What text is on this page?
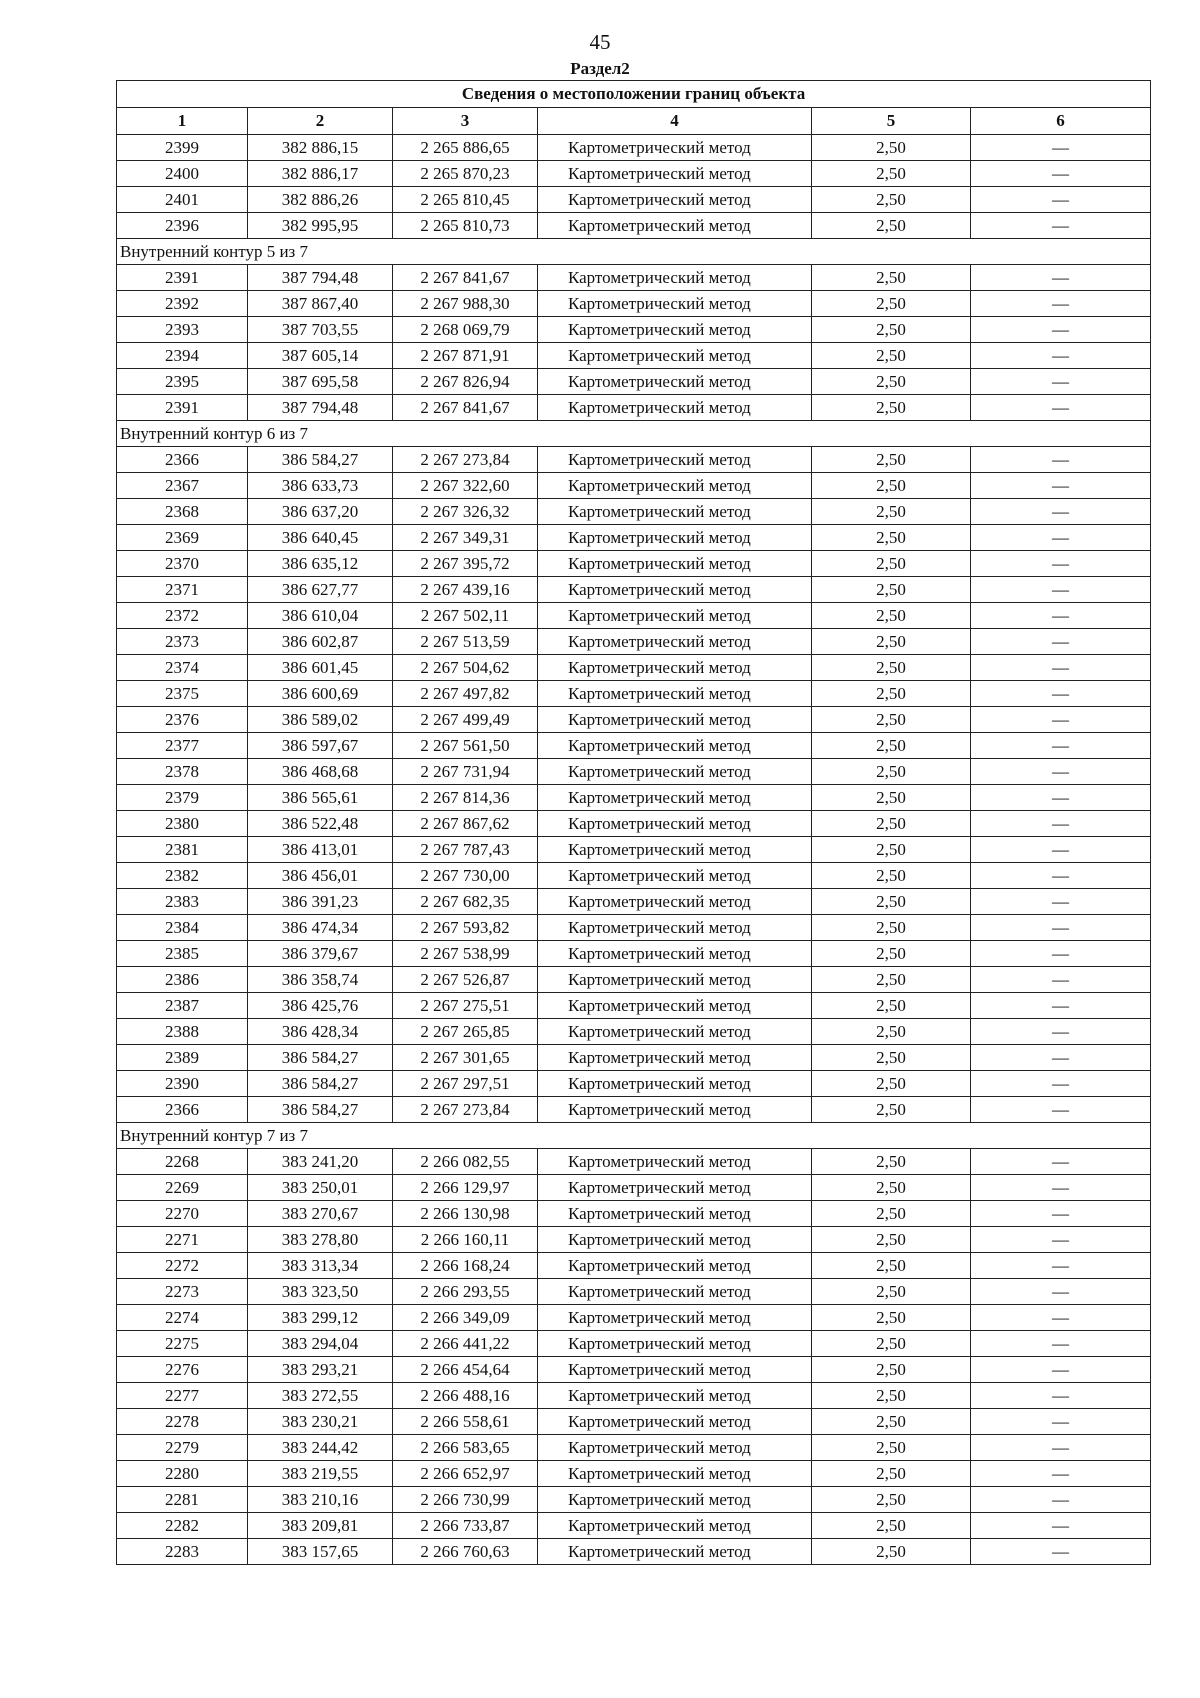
45
Раздел2
Сведения о местоположении границ объекта					
1	2	3	4	5	6
2399	382 886,15	2 265 886,65	Картометрический метод	2,50	—
2400	382 886,17	2 265 870,23	Картометрический метод	2,50	—
2401	382 886,26	2 265 810,45	Картометрический метод	2,50	—
2396	382 995,95	2 265 810,73	Картометрический метод	2,50	—
Внутренний контур 5 из 7					
2391	387 794,48	2 267 841,67	Картометрический метод	2,50	—
2392	387 867,40	2 267 988,30	Картометрический метод	2,50	—
2393	387 703,55	2 268 069,79	Картометрический метод	2,50	—
2394	387 605,14	2 267 871,91	Картометрический метод	2,50	—
2395	387 695,58	2 267 826,94	Картометрический метод	2,50	—
2391	387 794,48	2 267 841,67	Картометрический метод	2,50	—
Внутренний контур 6 из 7					
2366	386 584,27	2 267 273,84	Картометрический метод	2,50	—
2367	386 633,73	2 267 322,60	Картометрический метод	2,50	—
2368	386 637,20	2 267 326,32	Картометрический метод	2,50	—
2369	386 640,45	2 267 349,31	Картометрический метод	2,50	—
2370	386 635,12	2 267 395,72	Картометрический метод	2,50	—
2371	386 627,77	2 267 439,16	Картометрический метод	2,50	—
2372	386 610,04	2 267 502,11	Картометрический метод	2,50	—
2373	386 602,87	2 267 513,59	Картометрический метод	2,50	—
2374	386 601,45	2 267 504,62	Картометрический метод	2,50	—
2375	386 600,69	2 267 497,82	Картометрический метод	2,50	—
2376	386 589,02	2 267 499,49	Картометрический метод	2,50	—
2377	386 597,67	2 267 561,50	Картометрический метод	2,50	—
2378	386 468,68	2 267 731,94	Картометрический метод	2,50	—
2379	386 565,61	2 267 814,36	Картометрический метод	2,50	—
2380	386 522,48	2 267 867,62	Картометрический метод	2,50	—
2381	386 413,01	2 267 787,43	Картометрический метод	2,50	—
2382	386 456,01	2 267 730,00	Картометрический метод	2,50	—
2383	386 391,23	2 267 682,35	Картометрический метод	2,50	—
2384	386 474,34	2 267 593,82	Картометрический метод	2,50	—
2385	386 379,67	2 267 538,99	Картометрический метод	2,50	—
2386	386 358,74	2 267 526,87	Картометрический метод	2,50	—
2387	386 425,76	2 267 275,51	Картометрический метод	2,50	—
2388	386 428,34	2 267 265,85	Картометрический метод	2,50	—
2389	386 584,27	2 267 301,65	Картометрический метод	2,50	—
2390	386 584,27	2 267 297,51	Картометрический метод	2,50	—
2366	386 584,27	2 267 273,84	Картометрический метод	2,50	—
Внутренний контур 7 из 7					
2268	383 241,20	2 266 082,55	Картометрический метод	2,50	—
2269	383 250,01	2 266 129,97	Картометрический метод	2,50	—
2270	383 270,67	2 266 130,98	Картометрический метод	2,50	—
2271	383 278,80	2 266 160,11	Картометрический метод	2,50	—
2272	383 313,34	2 266 168,24	Картометрический метод	2,50	—
2273	383 323,50	2 266 293,55	Картометрический метод	2,50	—
2274	383 299,12	2 266 349,09	Картометрический метод	2,50	—
2275	383 294,04	2 266 441,22	Картометрический метод	2,50	—
2276	383 293,21	2 266 454,64	Картометрический метод	2,50	—
2277	383 272,55	2 266 488,16	Картометрический метод	2,50	—
2278	383 230,21	2 266 558,61	Картометрический метод	2,50	—
2279	383 244,42	2 266 583,65	Картометрический метод	2,50	—
2280	383 219,55	2 266 652,97	Картометрический метод	2,50	—
2281	383 210,16	2 266 730,99	Картометрический метод	2,50	—
2282	383 209,81	2 266 733,87	Картометрический метод	2,50	—
2283	383 157,65	2 266 760,63	Картометрический метод	2,50	—
